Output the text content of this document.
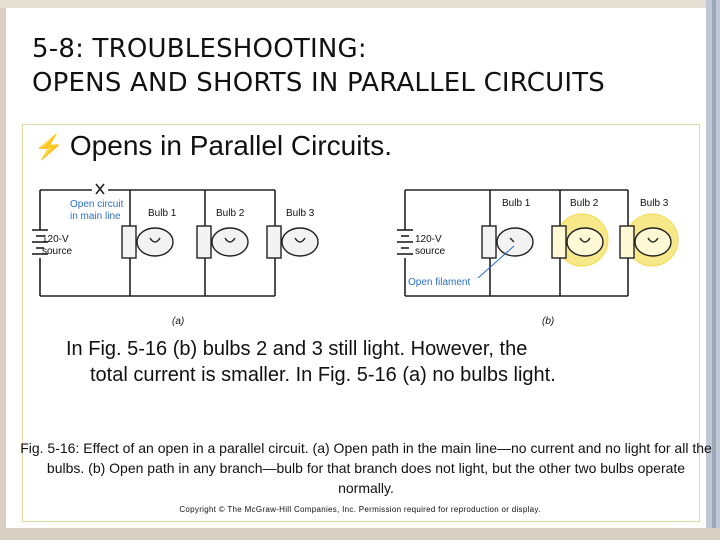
5-8: TROUBLESHOOTING:
OPENS AND SHORTS IN PARALLEL CIRCUITS
⚡ Opens in Parallel Circuits.
Open circuit
in main line
120-V
source
Bulb 1	Bulb 2	Bulb 3
(a)
120-V
source
Open filament
Bulb 1	Bulb 2	Bulb 3
(b)
In Fig. 5-16 (b) bulbs 2 and 3 still light. However, the
total current is smaller. In Fig. 5-16 (a) no bulbs light.
Fig. 5-16: Effect of an open in a parallel circuit. (a) Open path in the main line—no current and no light for all the bulbs. (b) Open path in any branch—bulb for that branch does not light, but the other two bulbs operate normally.
Copyright © The McGraw-Hill Companies, Inc. Permission required for reproduction or display.
